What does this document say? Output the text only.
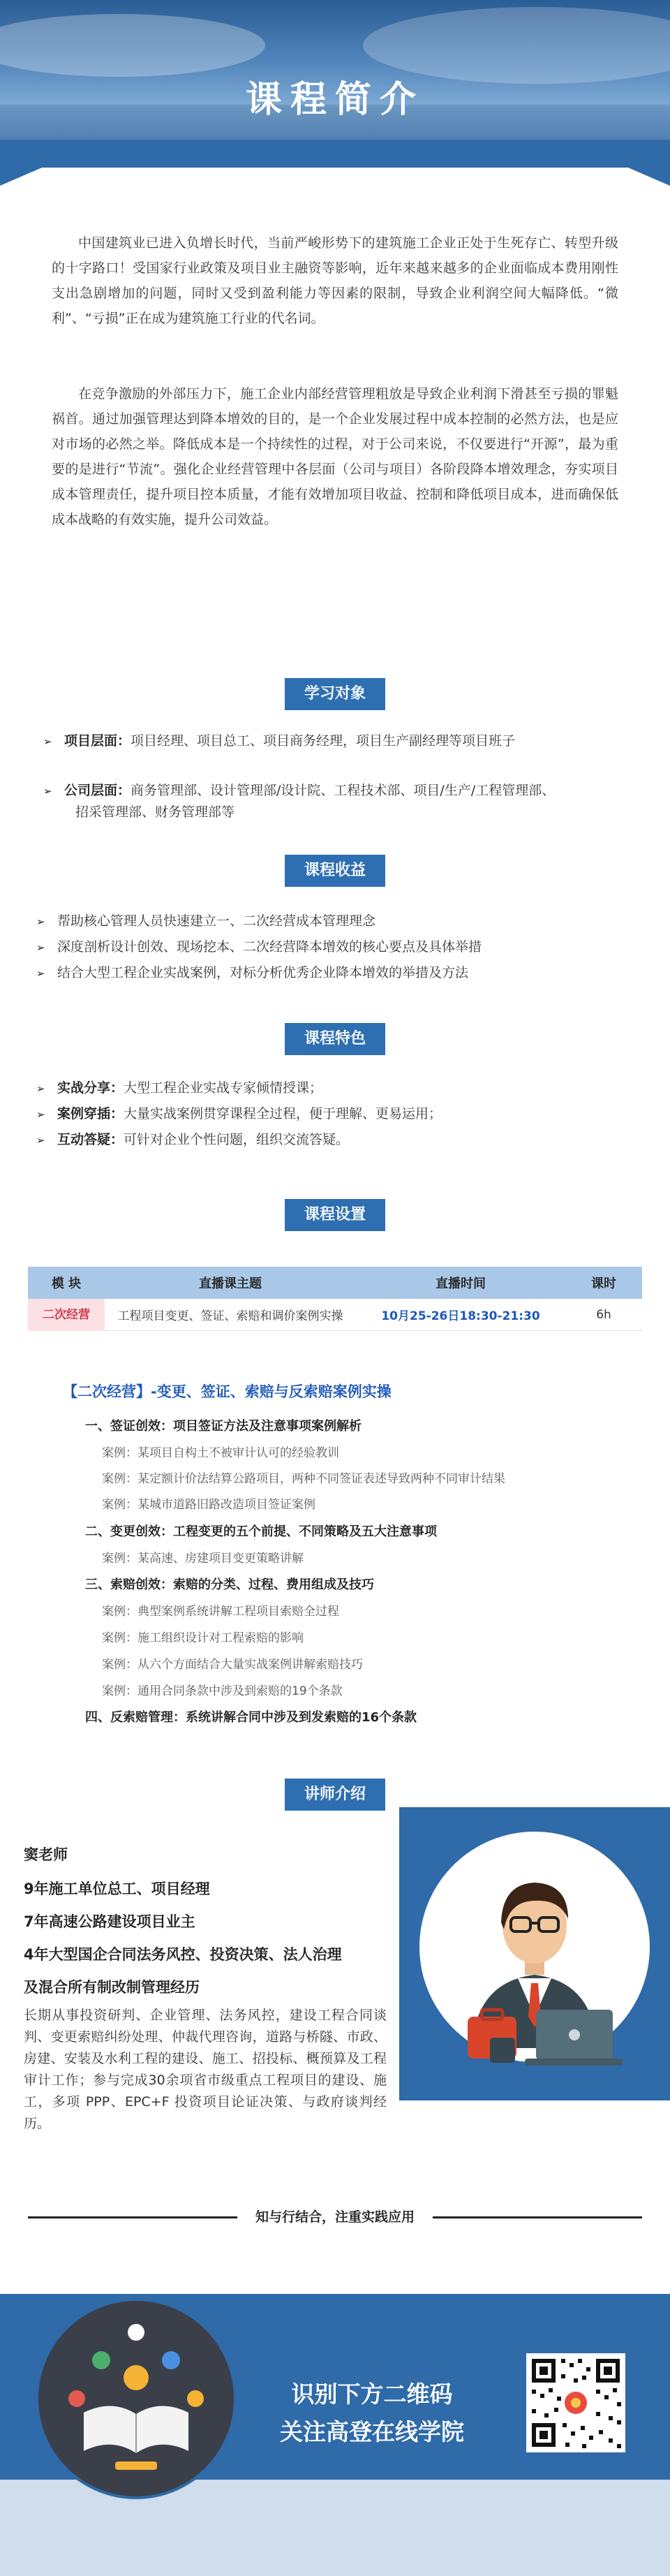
课程简介
中国建筑业已进入负增长时代，当前严峻形势下的建筑施工企业正处于生死存亡、转型升级的十字路口！受国家行业政策及项目业主融资等影响，近年来越来越多的企业面临成本费用刚性支出急剧增加的问题，同时又受到盈利能力等因素的限制，导致企业利润空间大幅降低。“微利”、“亏损”正在成为建筑施工行业的代名词。
在竞争激励的外部压力下，施工企业内部经营管理粗放是导致企业利润下滑甚至亏损的罪魁祸首。通过加强管理达到降本增效的目的，是一个企业发展过程中成本控制的必然方法，也是应对市场的必然之举。降低成本是一个持续性的过程，对于公司来说，不仅要进行“开源”，最为重要的是进行“节流”。强化企业经营管理中各层面（公司与项目）各阶段降本增效理念，夯实项目成本管理责任，提升项目控本质量，才能有效增加项目收益、控制和降低项目成本，进而确保低成本战略的有效实施，提升公司效益。
学习对象
➢ 项目层面：项目经理、项目总工、项目商务经理，项目生产副经理等项目班子
➢ 公司层面：商务管理部、设计管理部/设计院、工程技术部、项目/生产/工程管理部、
招采管理部、财务管理部等
课程收益
➢ 帮助核心管理人员快速建立一、二次经营成本管理理念
➢ 深度剖析设计创效、现场挖本、二次经营降本增效的核心要点及具体举措
➢ 结合大型工程企业实战案例，对标分析优秀企业降本增效的举措及方法
课程特色
➢ 实战分享：大型工程企业实战专家倾情授课；
➢ 案例穿插：大量实战案例贯穿课程全过程，便于理解、更易运用；
➢ 互动答疑：可针对企业个性问题，组织交流答疑。
课程设置
模 块	直播课主题	直播时间	课时
二次经营	工程项目变更、签证、索赔和调价案例实操	10月25-26日18:30-21:30	6h
【二次经营】-变更、签证、索赔与反索赔案例实操
一、签证创效：项目签证方法及注意事项案例解析
案例：某项目自构土不被审计认可的经验教训
案例：某定额计价法结算公路项目，两种不同签证表述导致两种不同审计结果
案例：某城市道路旧路改造项目签证案例
二、变更创效：工程变更的五个前提、不同策略及五大注意事项
案例：某高速、房建项目变更策略讲解
三、索赔创效：索赔的分类、过程、费用组成及技巧
案例：典型案例系统讲解工程项目索赔全过程
案例：施工组织设计对工程索赔的影响
案例：从六个方面结合大量实战案例讲解索赔技巧
案例：通用合同条款中涉及到索赔的19个条款
四、反索赔管理：系统讲解合同中涉及到发索赔的16个条款
讲师介绍
窦老师
9年施工单位总工、项目经理
7年高速公路建设项目业主
4年大型国企合同法务风控、投资决策、法人治理
及混合所有制改制管理经历
长期从事投资研判、企业管理、法务风控，建设工程合同谈判、变更索赔纠纷处理、仲裁代理咨询，道路与桥隧、市政、房建、安装及水利工程的建设、施工、招投标、概预算及工程审计工作；参与完成30余项省市级重点工程项目的建设、施工，多项 PPP、EPC+F 投资项目论证决策、与政府谈判经历。
知与行结合，注重实践应用
识别下方二维码
关注高登在线学院
